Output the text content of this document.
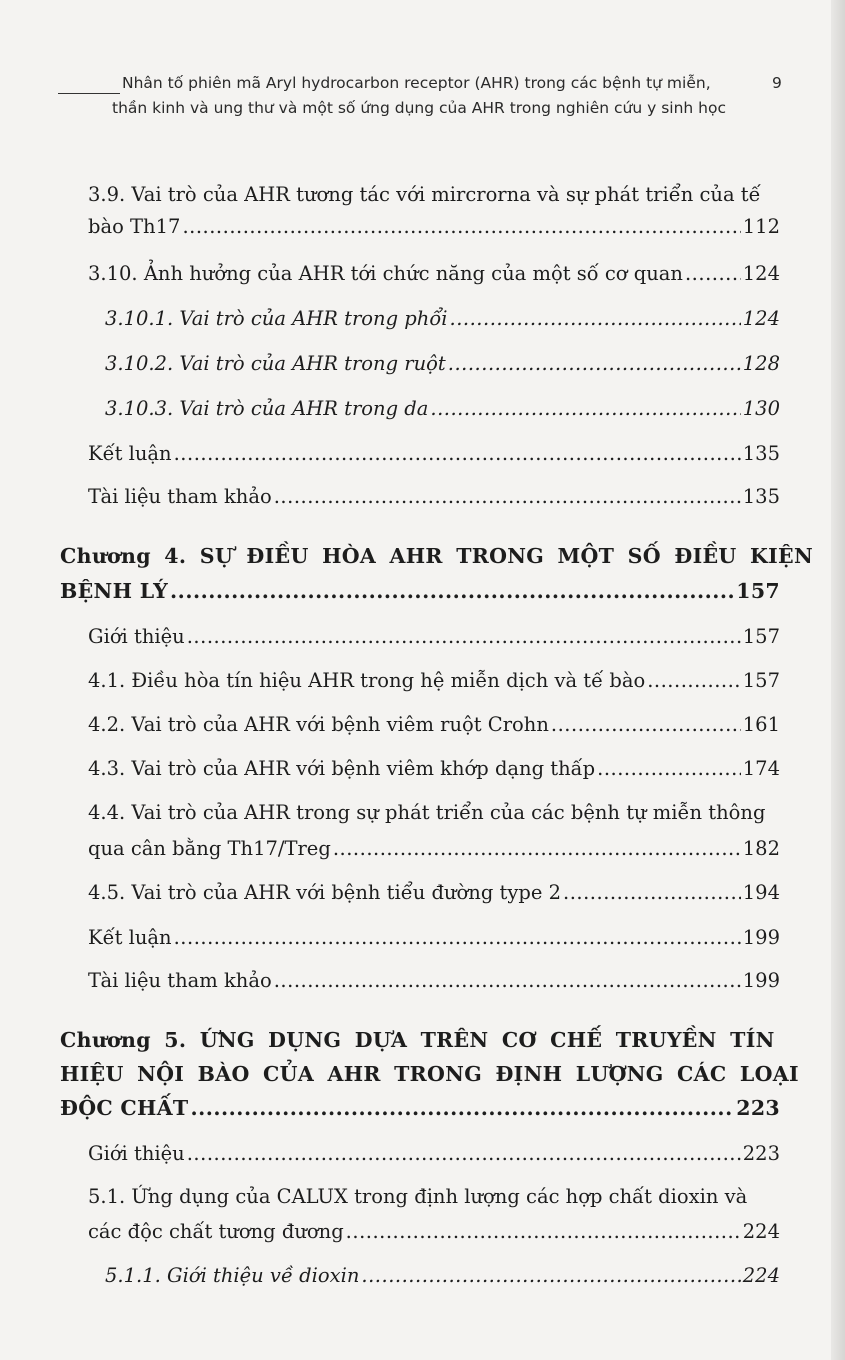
Nhân tố phiên mã Aryl hydrocarbon receptor (AHR) trong các bệnh tự miễn,
thần kinh và ung thư và một số ứng dụng của AHR trong nghiên cứu y sinh học
9
3.9. Vai trò của AHR tương tác với mircrorna và sự phát triển của tế
bào Th17 .....	112
3.10. Ảnh hưởng của AHR tới chức năng của một số cơ quan .....	124
3.10.1. Vai trò của AHR trong phổi .....	124
3.10.2. Vai trò của AHR trong ruột .....	128
3.10.3. Vai trò của AHR trong da .....	130
Kết luận .....	135
Tài liệu tham khảo .....	135
Chương 4. SỰ ĐIỀU HÒA AHR TRONG MỘT SỐ ĐIỀU KIỆN
BỆNH LÝ .....	157
Giới thiệu .....	157
4.1. Điều hòa tín hiệu AHR trong hệ miễn dịch và tế bào .....	157
4.2. Vai trò của AHR với bệnh viêm ruột Crohn .....	161
4.3. Vai trò của AHR với bệnh viêm khớp dạng thấp .....	174
4.4. Vai trò của AHR trong sự phát triển của các bệnh tự miễn thông
qua cân bằng Th17/Treg .....	182
4.5. Vai trò của AHR với bệnh tiểu đường type 2 .....	194
Kết luận .....	199
Tài liệu tham khảo .....	199
Chương 5. ỨNG DỤNG DỰA TRÊN CƠ CHẾ TRUYỀN TÍN
HIỆU NỘI BÀO CỦA AHR TRONG ĐỊNH LƯỢNG CÁC LOẠI
ĐỘC CHẤT .....	223
Giới thiệu .....	223
5.1. Ứng dụng của CALUX trong định lượng các hợp chất dioxin và
các độc chất tương đương .....	224
5.1.1. Giới thiệu về dioxin .....	224
